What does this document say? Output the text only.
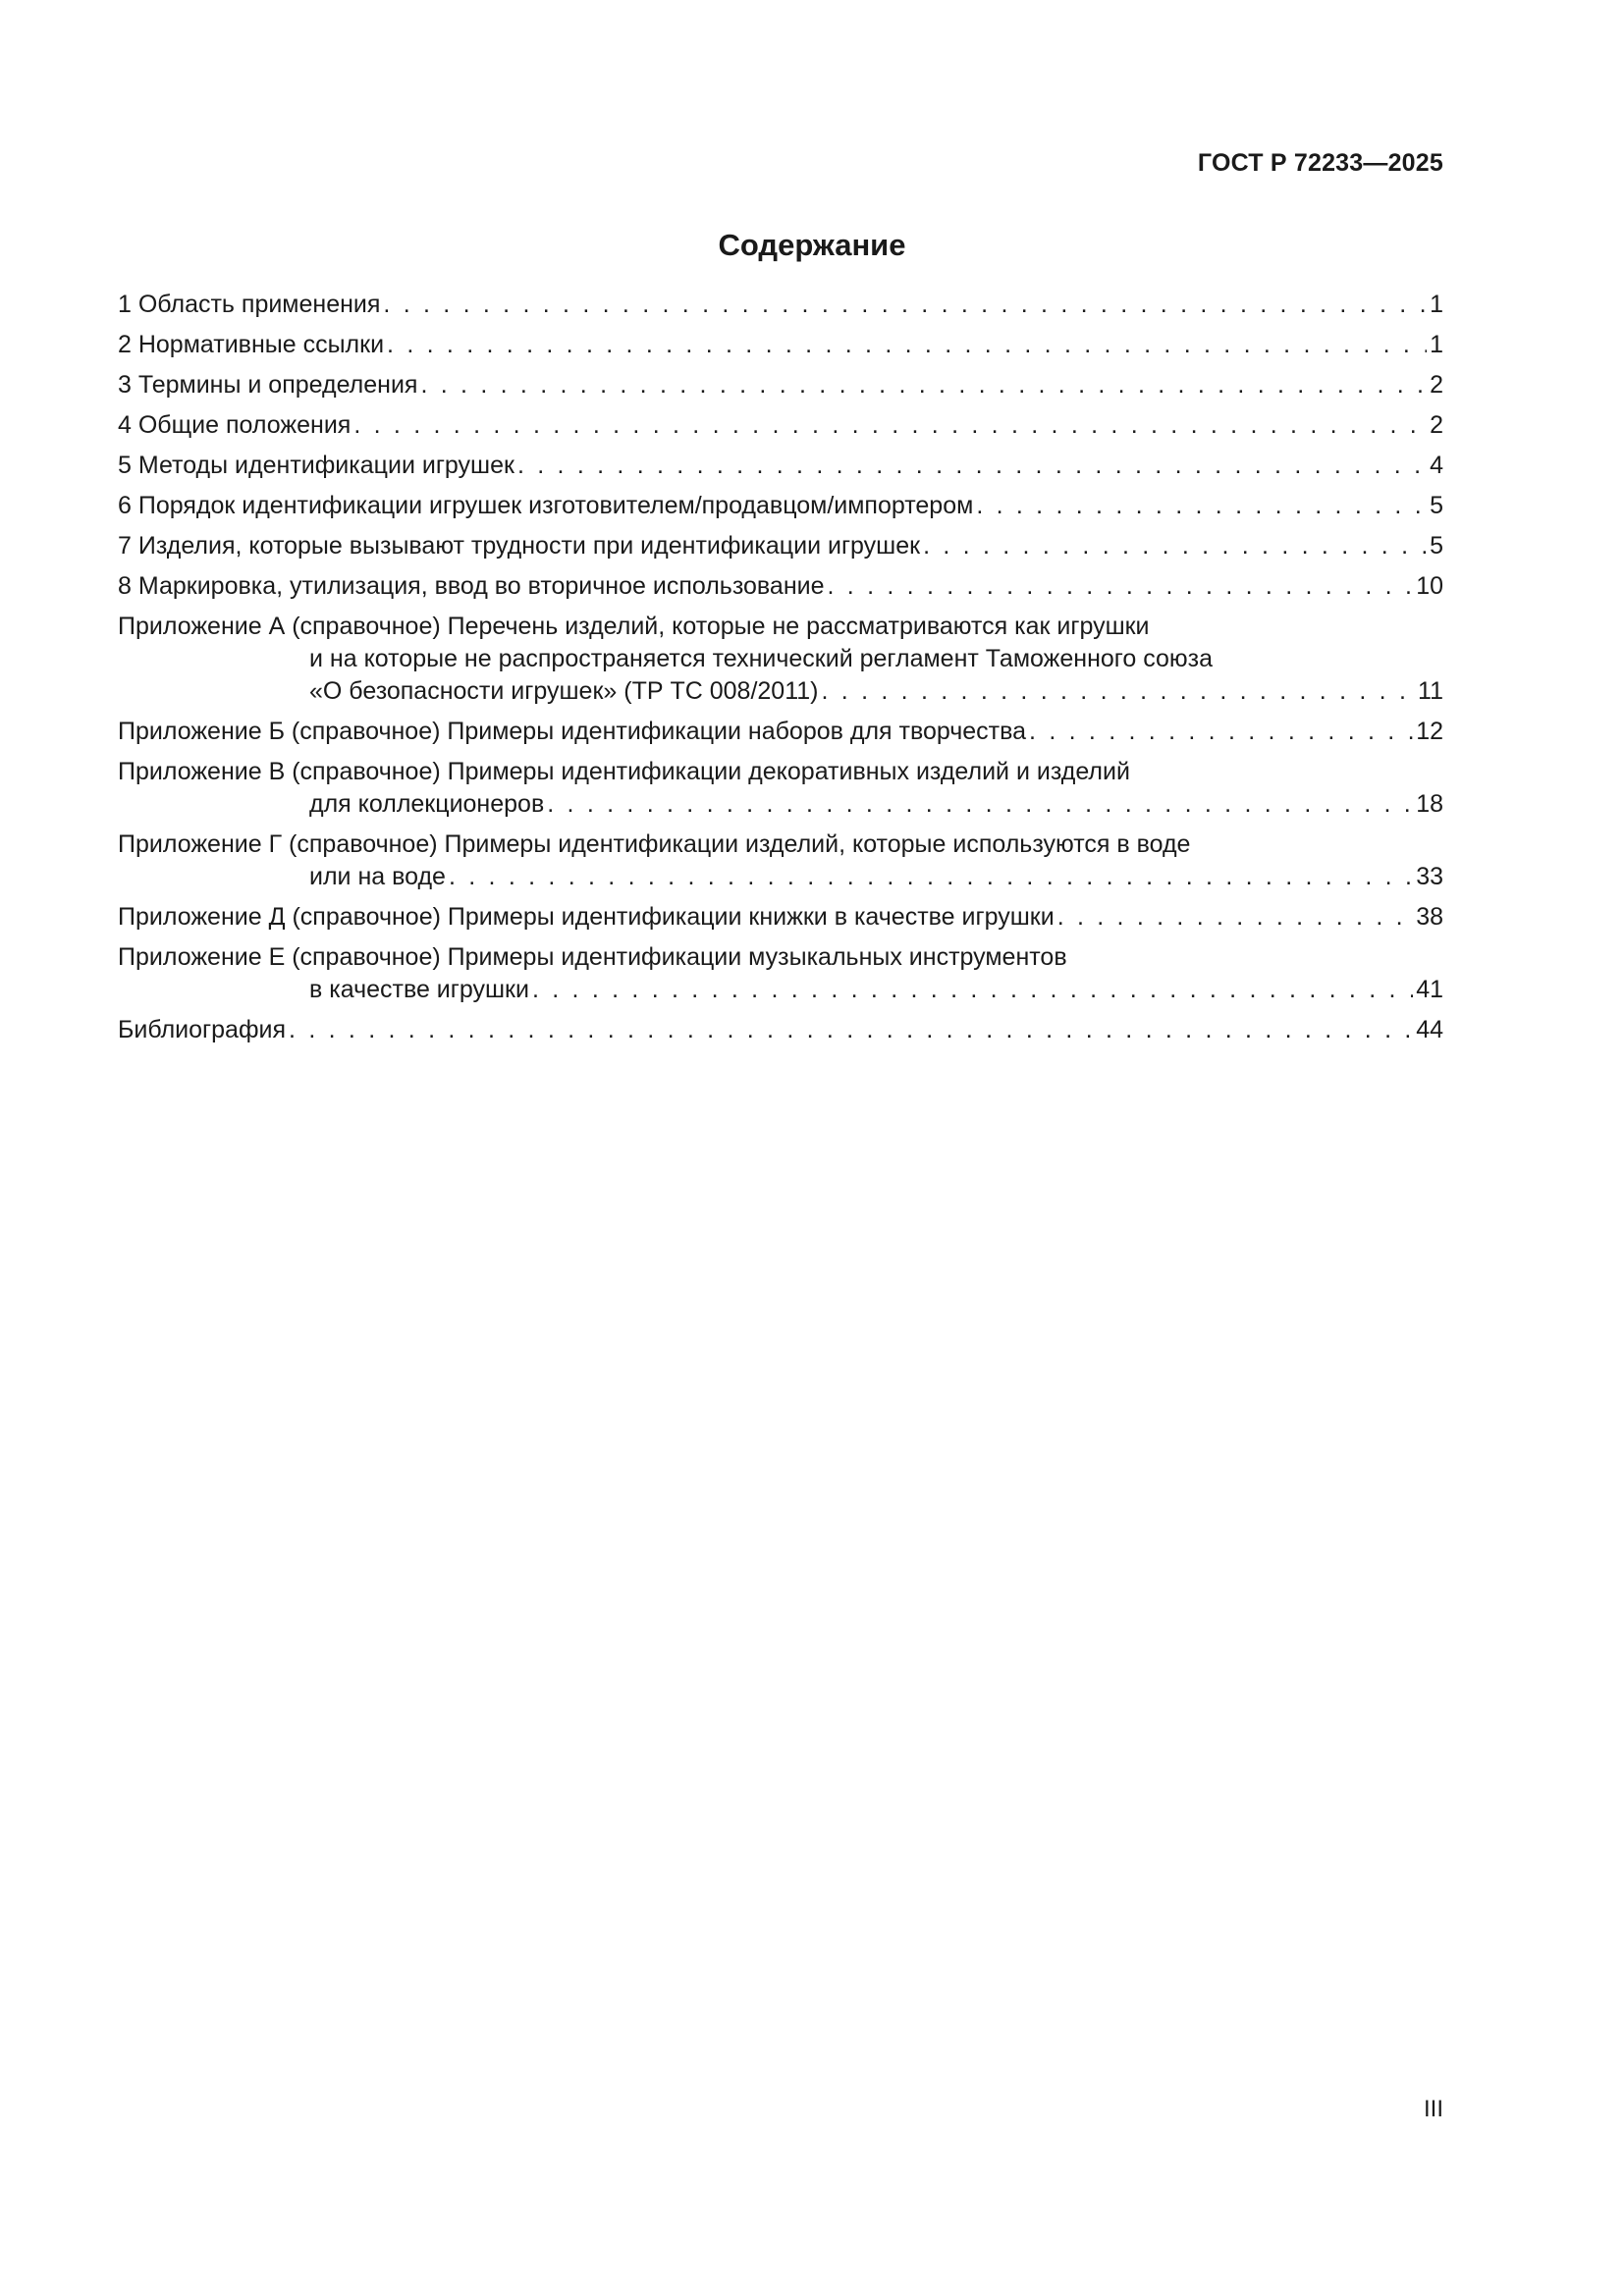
ГОСТ Р 72233—2025
Содержание
1 Область применения . . .	1
2 Нормативные ссылки . . .	1
3 Термины и определения . . .	2
4 Общие положения . . .	2
5 Методы идентификации игрушек . . .	4
6 Порядок идентификации игрушек изготовителем/продавцом/импортером . . .	5
7 Изделия, которые вызывают трудности при идентификации игрушек . . .	5
8 Маркировка, утилизация, ввод во вторичное использование . . .	10
Приложение А (справочное) Перечень изделий, которые не рассматриваются как игрушки
и на которые не распространяется технический регламент Таможенного союза
«О безопасности игрушек» (ТР ТС 008/2011) . . .	11
Приложение Б (справочное) Примеры идентификации наборов для творчества . . .	12
Приложение В (справочное) Примеры идентификации декоративных изделий и изделий
для коллекционеров . . .	18
Приложение Г (справочное) Примеры идентификации изделий, которые используются в воде
или на воде . . .	33
Приложение Д (справочное) Примеры идентификации книжки в качестве игрушки . . .	38
Приложение Е (справочное) Примеры идентификации музыкальных инструментов
в качестве игрушки . . .	41
Библиография . . .	44
III
